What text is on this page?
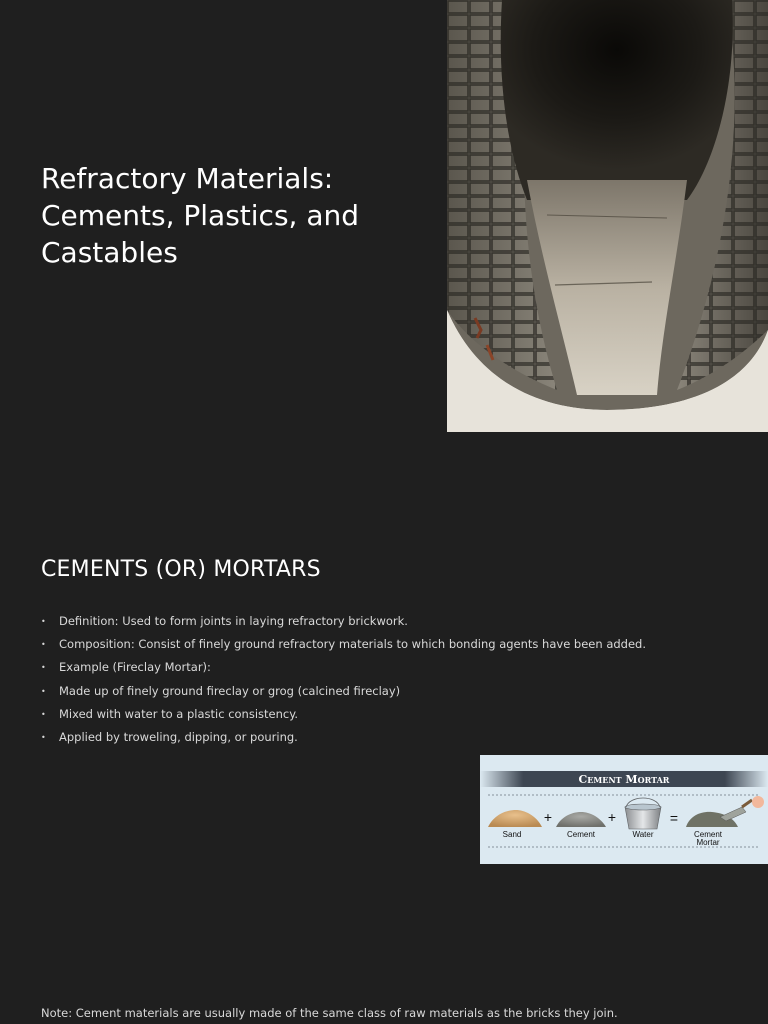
Refractory Materials:
Cements, Plastics, and
Castables
CEMENTS (OR) MORTARS
• Definition: Used to form joints in laying refractory brickwork.
• Composition: Consist of finely ground refractory materials to which bonding agents have been added.
• Example (Fireclay Mortar):
• Made up of finely ground fireclay or grog (calcined fireclay)
• Mixed with water to a plastic consistency.
• Applied by troweling, dipping, or pouring.
Cement Mortar
Sand
+
Cement
+
Water
=
Cement
Mortar
Note: Cement materials are usually made of the same class of raw materials as the bricks they join.
